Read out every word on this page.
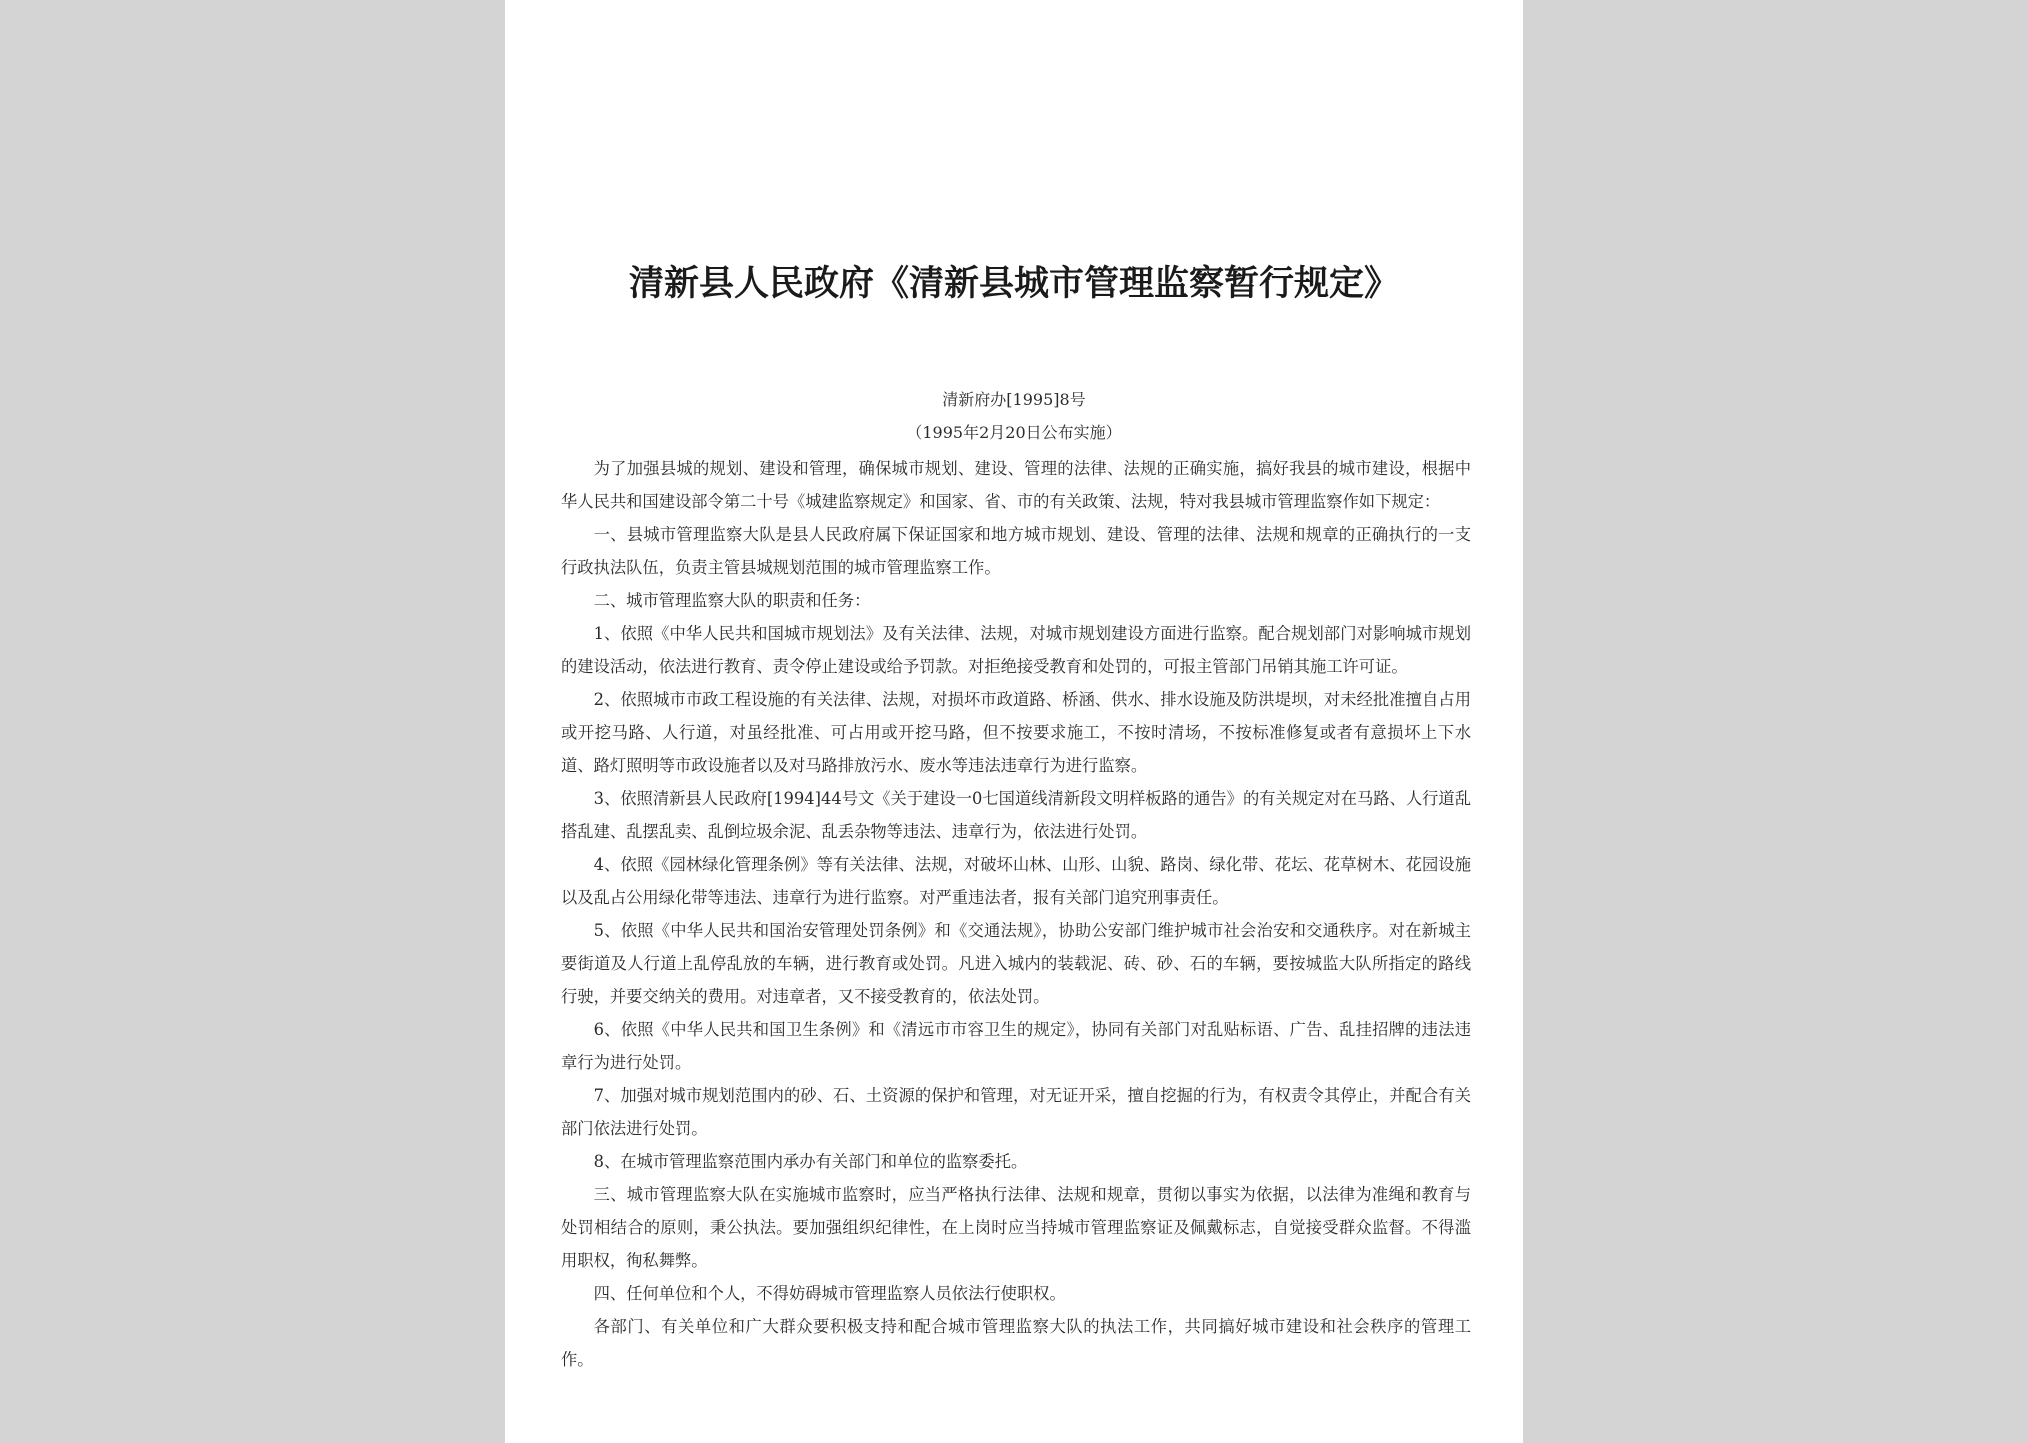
清新县人民政府《清新县城市管理监察暂行规定》
清新府办[1995]8号
（1995年2月20日公布实施）

为了加强县城的规划、建设和管理，确保城市规划、建设、管理的法律、法规的正确实施，搞好我县的城市建设，根据中华人民共和国建设部令第二十号《城建监察规定》和国家、省、市的有关政策、法规，特对我县城市管理监察作如下规定：

一、县城市管理监察大队是县人民政府属下保证国家和地方城市规划、建设、管理的法律、法规和规章的正确执行的一支行政执法队伍，负责主管县城规划范围的城市管理监察工作。

二、城市管理监察大队的职责和任务：

1、依照《中华人民共和国城市规划法》及有关法律、法规，对城市规划建设方面进行监察。配合规划部门对影响城市规划的建设活动，依法进行教育、责令停止建设或给予罚款。对拒绝接受教育和处罚的，可报主管部门吊销其施工许可证。

2、依照城市市政工程设施的有关法律、法规，对损坏市政道路、桥涵、供水、排水设施及防洪堤坝，对未经批准擅自占用或开挖马路、人行道，对虽经批准、可占用或开挖马路，但不按要求施工，不按时清场，不按标准修复或者有意损坏上下水道、路灯照明等市政设施者以及对马路排放污水、废水等违法违章行为进行监察。

3、依照清新县人民政府[1994]44号文《关于建设一0七国道线清新段文明样板路的通告》的有关规定对在马路、人行道乱搭乱建、乱摆乱卖、乱倒垃圾余泥、乱丢杂物等违法、违章行为，依法进行处罚。

4、依照《园林绿化管理条例》等有关法律、法规，对破坏山林、山形、山貌、路岗、绿化带、花坛、花草树木、花园设施以及乱占公用绿化带等违法、违章行为进行监察。对严重违法者，报有关部门追究刑事责任。

5、依照《中华人民共和国治安管理处罚条例》和《交通法规》，协助公安部门维护城市社会治安和交通秩序。对在新城主要街道及人行道上乱停乱放的车辆，进行教育或处罚。凡进入城内的装载泥、砖、砂、石的车辆，要按城监大队所指定的路线行驶，并要交纳关的费用。对违章者，又不接受教育的，依法处罚。

6、依照《中华人民共和国卫生条例》和《清远市市容卫生的规定》，协同有关部门对乱贴标语、广告、乱挂招牌的违法违章行为进行处罚。

7、加强对城市规划范围内的砂、石、土资源的保护和管理，对无证开采，擅自挖掘的行为，有权责令其停止，并配合有关部门依法进行处罚。

8、在城市管理监察范围内承办有关部门和单位的监察委托。

三、城市管理监察大队在实施城市监察时，应当严格执行法律、法规和规章，贯彻以事实为依据，以法律为准绳和教育与处罚相结合的原则，秉公执法。要加强组织纪律性，在上岗时应当持城市管理监察证及佩戴标志，自觉接受群众监督。不得滥用职权，徇私舞弊。

四、任何单位和个人，不得妨碍城市管理监察人员依法行使职权。

各部门、有关单位和广大群众要积极支持和配合城市管理监察大队的执法工作，共同搞好城市建设和社会秩序的管理工作。
